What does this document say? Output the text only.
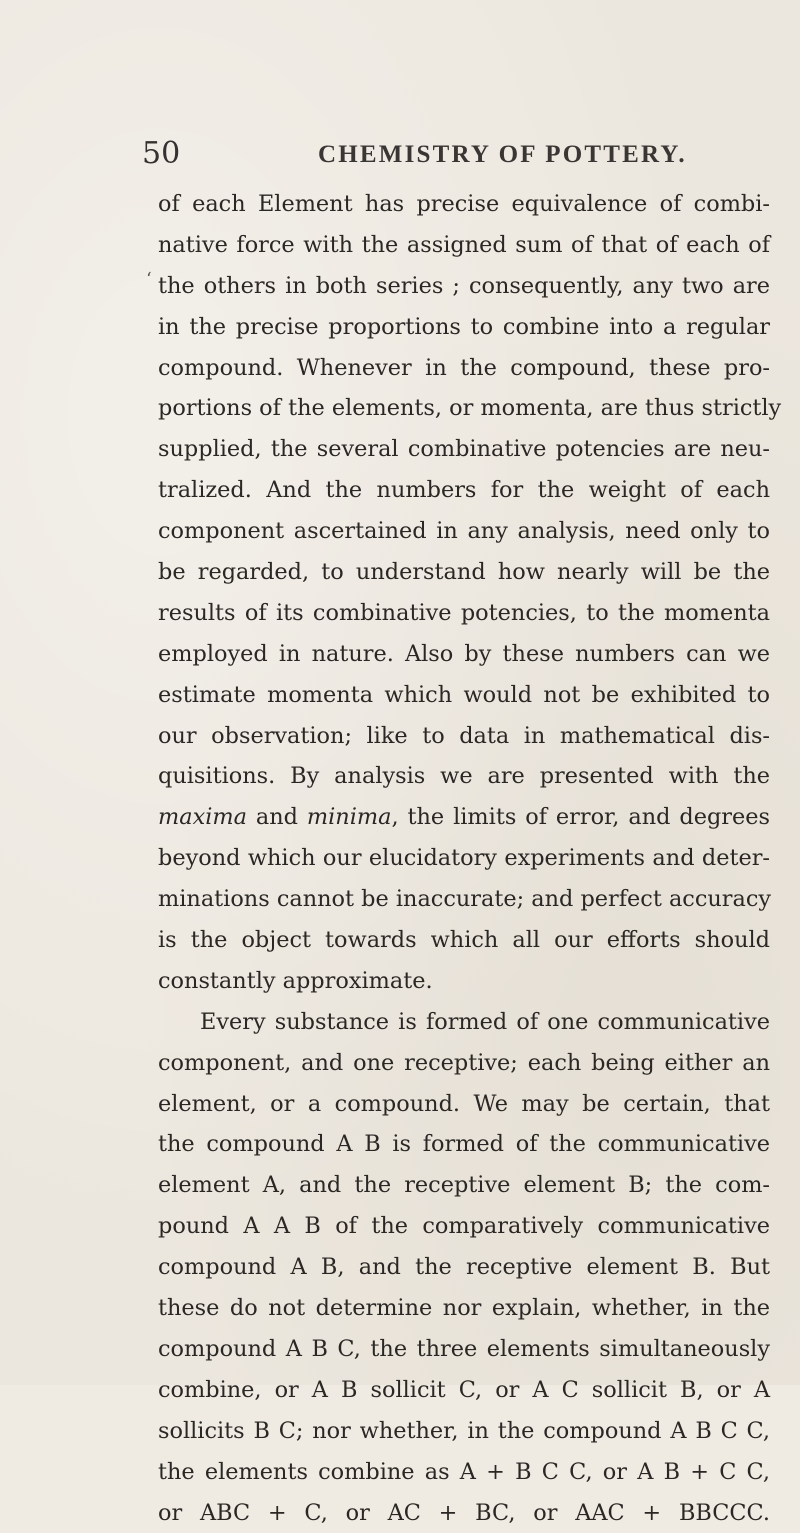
50	CHEMISTRY OF POTTERY.
of each Element has precise equivalence of combi-
native force with the assigned sum of that of each of
‘ the others in both series ; consequently, any two are
in the precise proportions to combine into a regular
compound. Whenever in the compound, these pro-
portions of the elements, or momenta, are thus strictly
supplied, the several combinative potencies are neu-
tralized. And the numbers for the weight of each
component ascertained in any analysis, need only to
be regarded, to understand how nearly will be the
results of its combinative potencies, to the momenta
employed in nature. Also by these numbers can we
estimate momenta which would not be exhibited to
our observation; like to data in mathematical dis-
quisitions. By analysis we are presented with the
maxima and minima, the limits of error, and degrees
beyond which our elucidatory experiments and deter-
minations cannot be inaccurate; and perfect accuracy
is the object towards which all our efforts should
constantly approximate.
Every substance is formed of one communicative
component, and one receptive; each being either an
element, or a compound. We may be certain, that
the compound A B is formed of the communicative
element A, and the receptive element B; the com-
pound A A B of the comparatively communicative
compound A B, and the receptive element B. But
these do not determine nor explain, whether, in the
compound A B C, the three elements simultaneously
combine, or A B sollicit C, or A C sollicit B, or A
sollicits B C; nor whether, in the compound A B C C,
the elements combine as A + B C C, or A B + C C,
or ABC + C, or AC + BC, or AAC + BBCCC.
